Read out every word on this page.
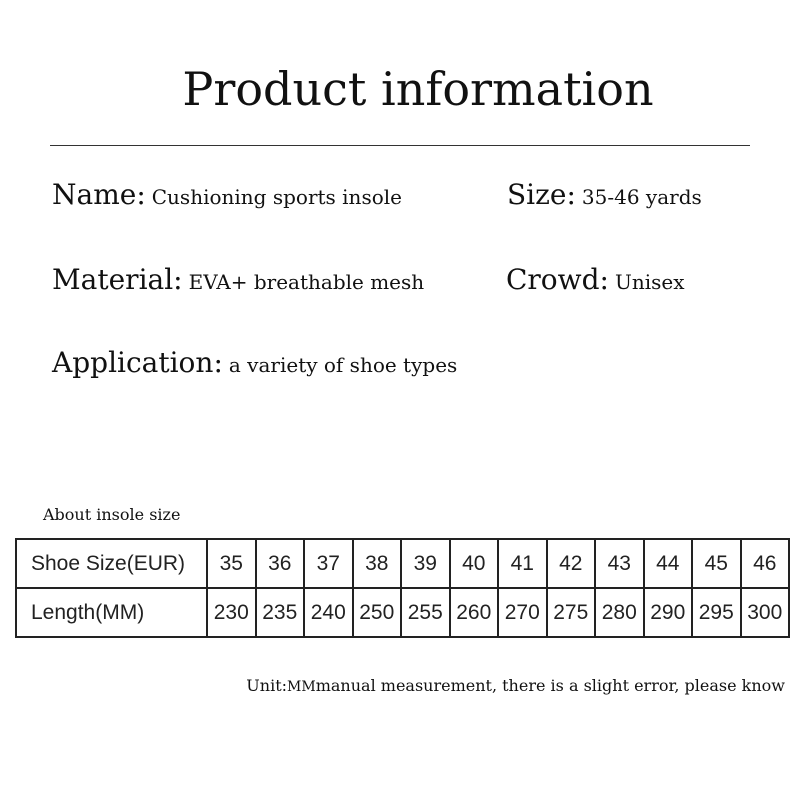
Product information
Name: Cushioning sports insole	Size: 35-46 yards
Material: EVA+ breathable mesh	Crowd: Unisex
Application: a variety of shoe types
About insole size
Shoe Size(EUR)	35	36	37	38	39	40	41	42	43	44	45	46
Length(MM)	230	235	240	250	255	260	270	275	280	290	295	300
Unit:MMmanual measurement, there is a slight error, please know
